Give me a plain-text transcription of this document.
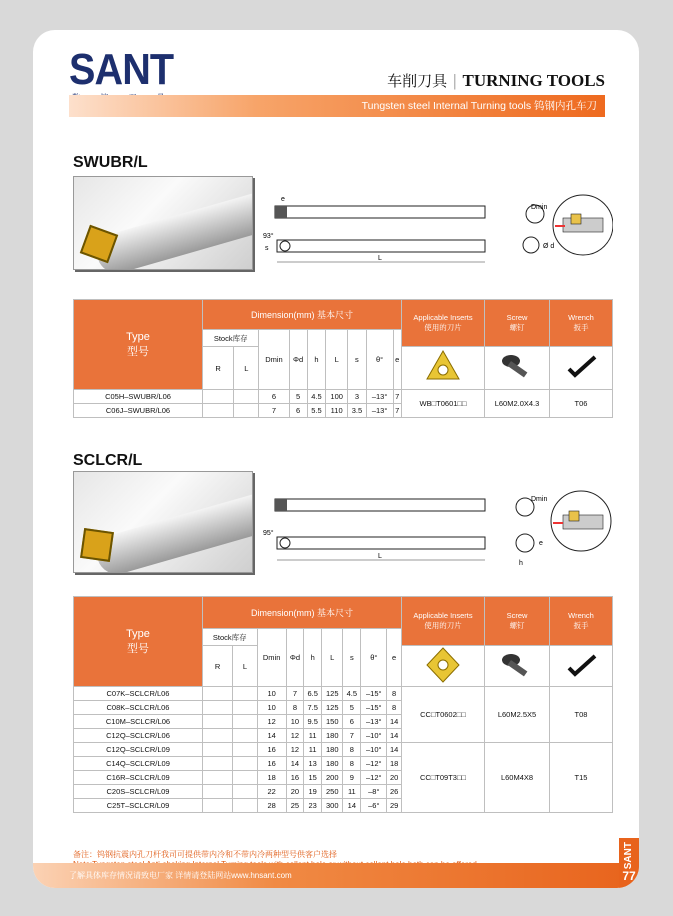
SANT	车削刀具 | TURNING TOOLS
Tungsten steel Internal Turning tools 钨钢内孔车刀
SWUBR/L
L
e
93°
s
Dmin
Ø d
Type
型号	Dimension(mm) 基本尺寸									Applicable Inserts
使用的刀片	Screw
螺钉	Wrench
扳手
	Stock库存		Dmin	Φd	h	L	s	θ°	e			
	R	L			
C05H–SWUBR/L06			6	5	4.5	100	3	–13°	7	WB□T0601□□	L60M2.0X4.3	T06
C06J–SWUBR/L06			7	6	5.5	110	3.5	–13°	7			
SCLCR/L
L
95°
Dmin
h
e
Type
型号	Dimension(mm) 基本尺寸									Applicable Inserts
使用的刀片	Screw
螺钉	Wrench
扳手
	Stock库存		Dmin	Φd	h	L	s	θ°	e			
	R	L			
C07K–SCLCR/L06			10	7	6.5	125	4.5	–15°	8	CC□T0602□□	L60M2.5X5	T08
C08K–SCLCR/L06			10	8	7.5	125	5	–15°	8			
C10M–SCLCR/L06			12	10	9.5	150	6	–13°	14			
C12Q–SCLCR/L06			14	12	11	180	7	–10°	14			
C12Q–SCLCR/L09			16	12	11	180	8	–10°	14	CC□T09T3□□	L60M4X8	T15
C14Q–SCLCR/L09			16	14	13	180	8	–12°	18			
C16R–SCLCR/L09			18	16	15	200	9	–12°	20			
C20S–SCLCR/L09			22	20	19	250	11	–8°	26			
C25T–SCLCR/L09			28	25	23	300	14	–6°	29			
备注：钨钢抗震内孔刀杆我司可提供带内冷和不带内冷两种型号供客户选择
了解具体库存情况请致电厂家 详情请登陆网站www.hnsant.com
SANT
77
